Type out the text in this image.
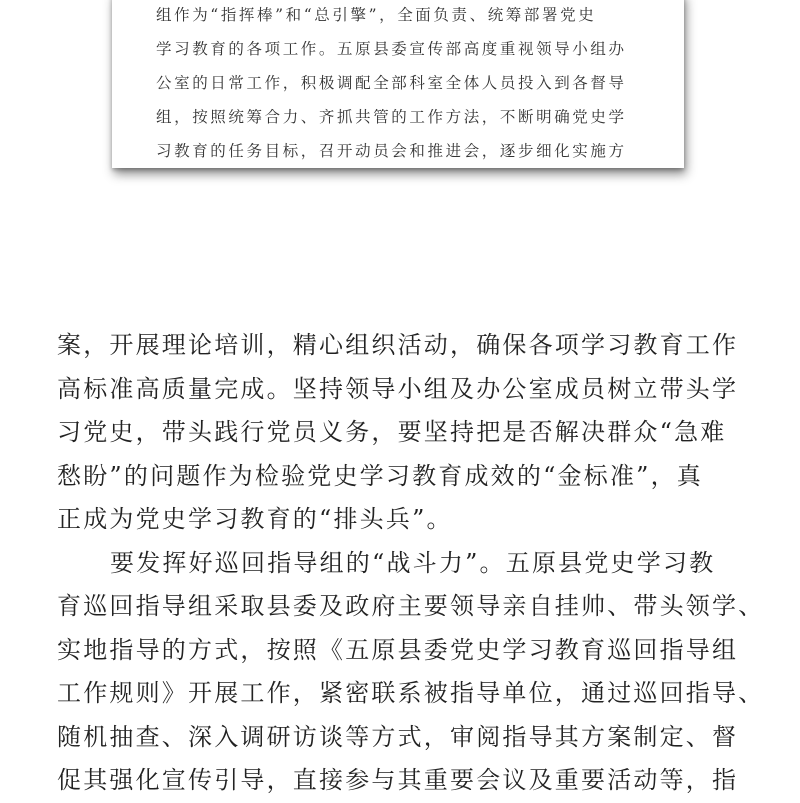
组作为“指挥棒”和“总引擎”，全面负责、统筹部署党史
学习教育的各项工作。五原县委宣传部高度重视领导小组办
公室的日常工作，积极调配全部科室全体人员投入到各督导
组，按照统筹合力、齐抓共管的工作方法，不断明确党史学
习教育的任务目标，召开动员会和推进会，逐步细化实施方
案，开展理论培训，精心组织活动，确保各项学习教育工作
高标准高质量完成。坚持领导小组及办公室成员树立带头学
习党史，带头践行党员义务，要坚持把是否解决群众“急难
愁盼”的问题作为检验党史学习教育成效的“金标准”，真
正成为党史学习教育的“排头兵”。
要发挥好巡回指导组的“战斗力”。五原县党史学习教
育巡回指导组采取县委及政府主要领导亲自挂帅、带头领学、
实地指导的方式，按照《五原县委党史学习教育巡回指导组
工作规则》开展工作，紧密联系被指导单位，通过巡回指导、
随机抽查、深入调研访谈等方式，审阅指导其方案制定、督
促其强化宣传引导，直接参与其重要会议及重要活动等，指
